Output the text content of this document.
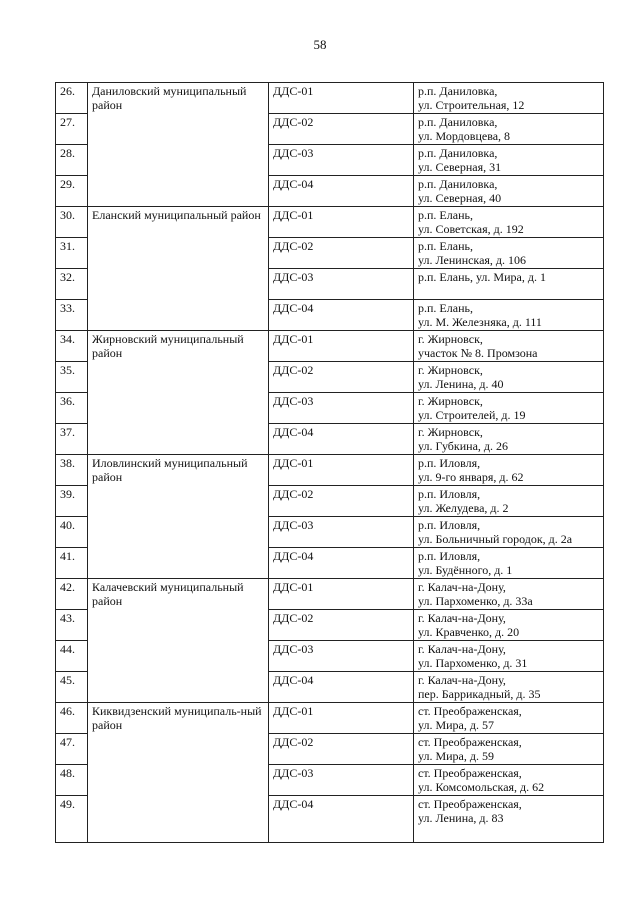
58
26.	Даниловский муниципальный район	ДДС-01	р.п. Даниловка,
ул. Строительная, 12

27.		ДДС-02	р.п. Даниловка,
ул. Мордовцева, 8

28.		ДДС-03	р.п. Даниловка,
ул. Северная, 31

29.		ДДС-04	р.п. Даниловка,
ул. Северная, 40

30.	Еланский муниципальный район	ДДС-01	р.п. Елань,
ул. Советская, д. 192

31.		ДДС-02	р.п. Елань,
ул. Ленинская, д. 106

32.		ДДС-03	р.п. Елань, ул. Мира, д. 1

33.		ДДС-04	р.п. Елань,
ул. М. Железняка, д. 111

34.	Жирновский муниципальный район	ДДС-01	г. Жирновск,
участок № 8. Промзона

35.		ДДС-02	г. Жирновск,
ул. Ленина, д. 40

36.		ДДС-03	г. Жирновск,
ул. Строителей, д. 19

37.		ДДС-04	г. Жирновск,
ул. Губкина, д. 26

38.	Иловлинский муниципальный район	ДДС-01	р.п. Иловля,
ул. 9-го января, д. 62

39.		ДДС-02	р.п. Иловля,
ул. Желудева, д. 2

40.		ДДС-03	р.п. Иловля,
ул. Больничный городок, д. 2а

41.		ДДС-04	р.п. Иловля,
ул. Будённого, д. 1

42.	Калачевский муниципальный район	ДДС-01	г. Калач-на-Дону,
ул. Пархоменко, д. 33а

43.		ДДС-02	г. Калач-на-Дону,
ул. Кравченко, д. 20

44.		ДДС-03	г. Калач-на-Дону,
ул. Пархоменко, д. 31

45.		ДДС-04	г. Калач-на-Дону,
пер. Баррикадный, д. 35

46.	Киквидзенский муниципаль-ный район	ДДС-01	ст. Преображенская,
ул. Мира, д. 57

47.		ДДС-02	ст. Преображенская,
ул. Мира, д. 59

48.		ДДС-03	ст. Преображенская,
ул. Комсомольская, д. 62

49.		ДДС-04	ст. Преображенская,
ул. Ленина, д. 83
